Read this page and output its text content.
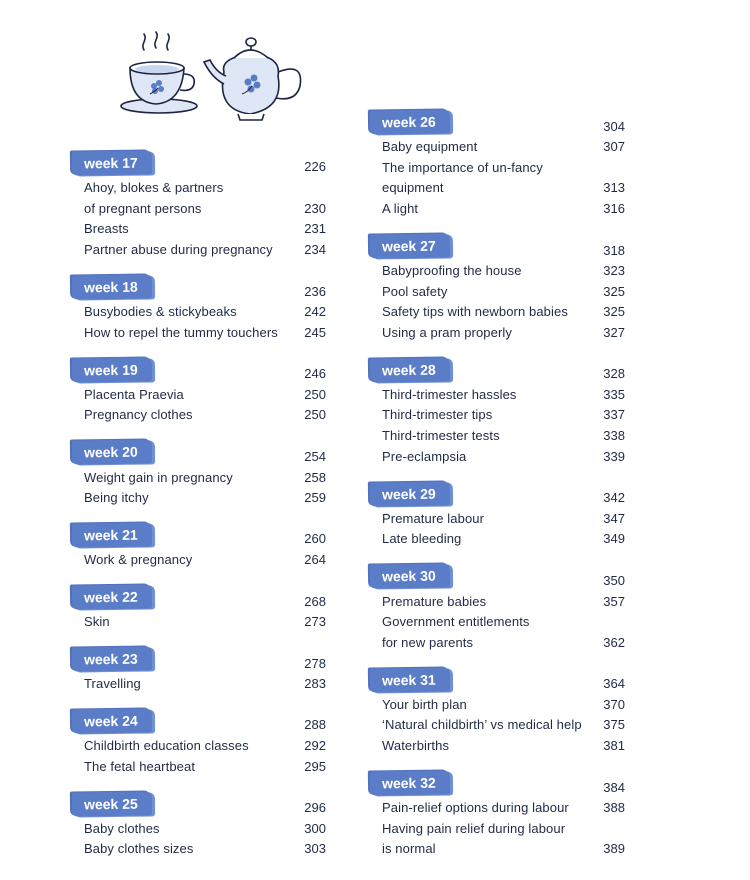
week 17	226
Ahoy, blokes & partners
of pregnant persons	230
Breasts	231
Partner abuse during pregnancy	234
week 18	236
Busybodies & stickybeaks	242
How to repel the tummy touchers	245
week 19	246
Placenta Praevia	250
Pregnancy clothes	250
week 20	254
Weight gain in pregnancy	258
Being itchy	259
week 21	260
Work & pregnancy	264
week 22	268
Skin	273
week 23	278
Travelling	283
week 24	288
Childbirth education classes	292
The fetal heartbeat	295
week 25	296
Baby clothes	300
Baby clothes sizes	303
week 26	304
Baby equipment	307
The importance of un-fancy
equipment	313
A light	316
week 27	318
Babyproofing the house	323
Pool safety	325
Safety tips with newborn babies	325
Using a pram properly	327
week 28	328
Third-trimester hassles	335
Third-trimester tips	337
Third-trimester tests	338
Pre-eclampsia	339
week 29	342
Premature labour	347
Late bleeding	349
week 30	350
Premature babies	357
Government entitlements
for new parents	362
week 31	364
Your birth plan	370
‘Natural childbirth’ vs medical help	375
Waterbirths	381
week 32	384
Pain-relief options during labour	388
Having pain relief during labour
is normal	389
